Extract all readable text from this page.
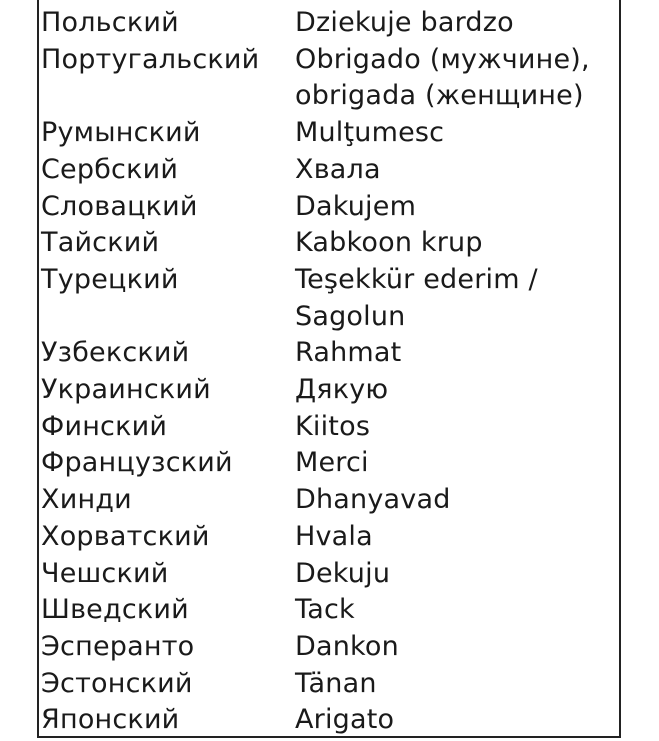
Польский	Dziekuje bardzo
Португальский	Obrigado (мужчине), obrigada (женщине)
Румынский	Mulţumesc
Сербский	Хвала
Словацкий	Dakujem
Тайский	Kabkoon krup
Турецкий	Teşekkür ederim / Sagolun
Узбекский	Rahmat
Украинский	Дякую
Финский	Kiitos
Французский	Merci
Хинди	Dhanyavad
Хорватский	Hvala
Чешский	Dekuju
Шведский	Tack
Эсперанто	Dankon
Эстонский	Tänan
Японский	Arigato
